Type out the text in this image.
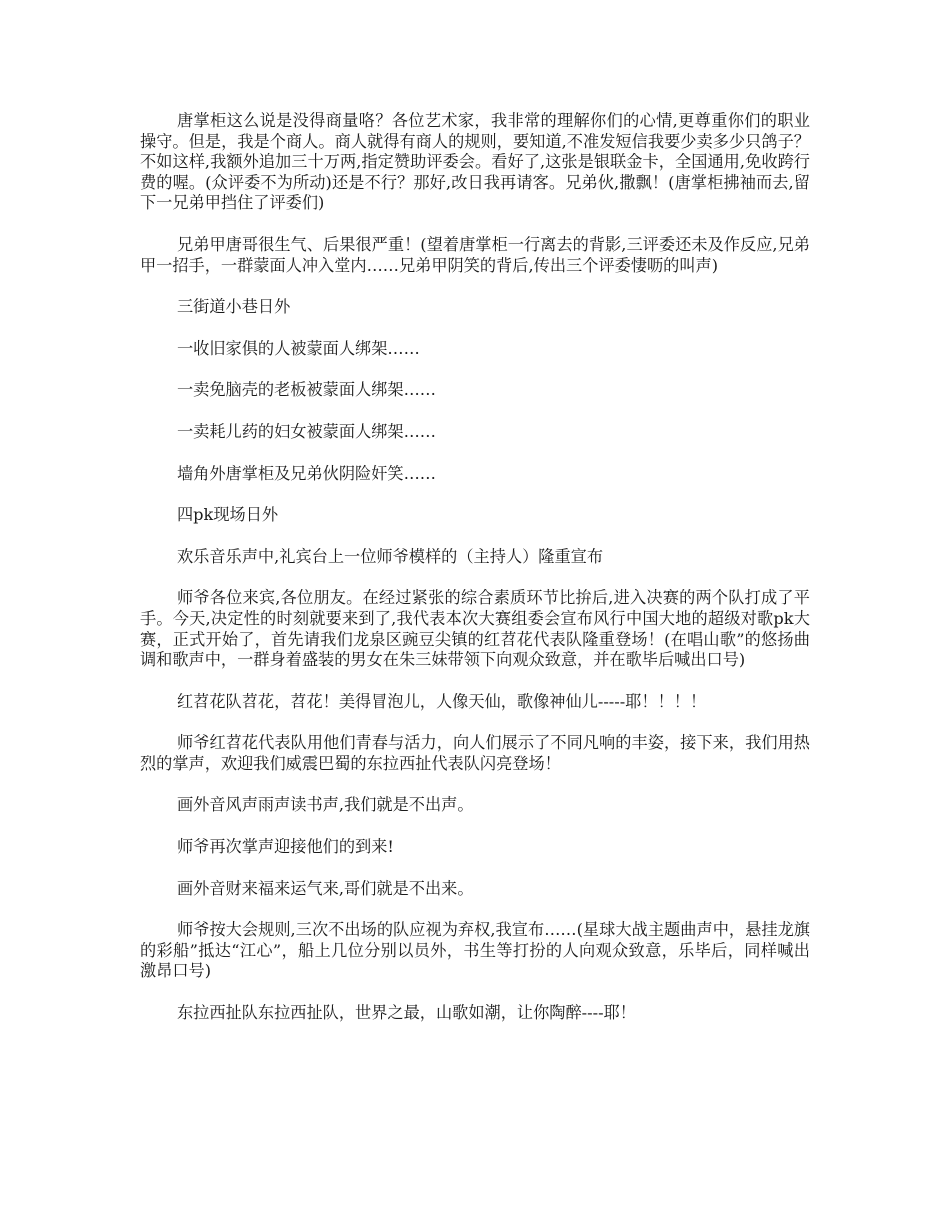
唐掌柜这么说是没得商量咯？各位艺术家，我非常的理解你们的心情,更尊重你们的职业操守。但是，我是个商人。商人就得有商人的规则，要知道,不准发短信我要少卖多少只鸽子？不如这样,我额外追加三十万两,指定赞助评委会。看好了,这张是银联金卡，全国通用,免收跨行费的喔。(众评委不为所动)还是不行？那好,改日我再请客。兄弟伙,撒飘！(唐掌柜拂袖而去,留下一兄弟甲挡住了评委们)

兄弟甲唐哥很生气、后果很严重！(望着唐掌柜一行离去的背影,三评委还未及作反应,兄弟甲一招手，一群蒙面人冲入堂内……兄弟甲阴笑的背后,传出三个评委悽呖的叫声)

三街道小巷日外

一收旧家俱的人被蒙面人绑架……

一卖免脑壳的老板被蒙面人绑架……

一卖耗儿药的妇女被蒙面人绑架……

墙角外唐掌柜及兄弟伙阴险奸笑……

四pk现场日外

欢乐音乐声中,礼宾台上一位师爷模样的（主持人）隆重宣布

师爷各位来宾,各位朋友。在经过紧张的综合素质环节比拚后,进入决赛的两个队打成了平手。今天,决定性的时刻就要来到了,我代表本次大赛组委会宣布风行中国大地的超级对歌pk大赛，正式开始了，首先请我们龙泉区豌豆尖镇的红苕花代表队隆重登场！(在唱山歌”的悠扬曲调和歌声中，一群身着盛装的男女在朱三妹带领下向观众致意，并在歌毕后喊出口号)

红苕花队苕花，苕花！美得冒泡儿，人像天仙，歌像神仙儿-----耶！！！！

师爷红苕花代表队用他们青春与活力，向人们展示了不同凡响的丰姿，接下来，我们用热烈的掌声，欢迎我们威震巴蜀的东拉西扯代表队闪亮登场！

画外音风声雨声读书声,我们就是不出声。

师爷再次掌声迎接他们的到来!

画外音财来福来运气来,哥们就是不出来。

师爷按大会规则,三次不出场的队应视为弃权,我宣布……(星球大战主题曲声中，悬挂龙旗的彩船”抵达“江心”，船上几位分别以员外，书生等打扮的人向观众致意，乐毕后，同样喊出激昂口号)

东拉西扯队东拉西扯队，世界之最，山歌如潮，让你陶醉----耶！
